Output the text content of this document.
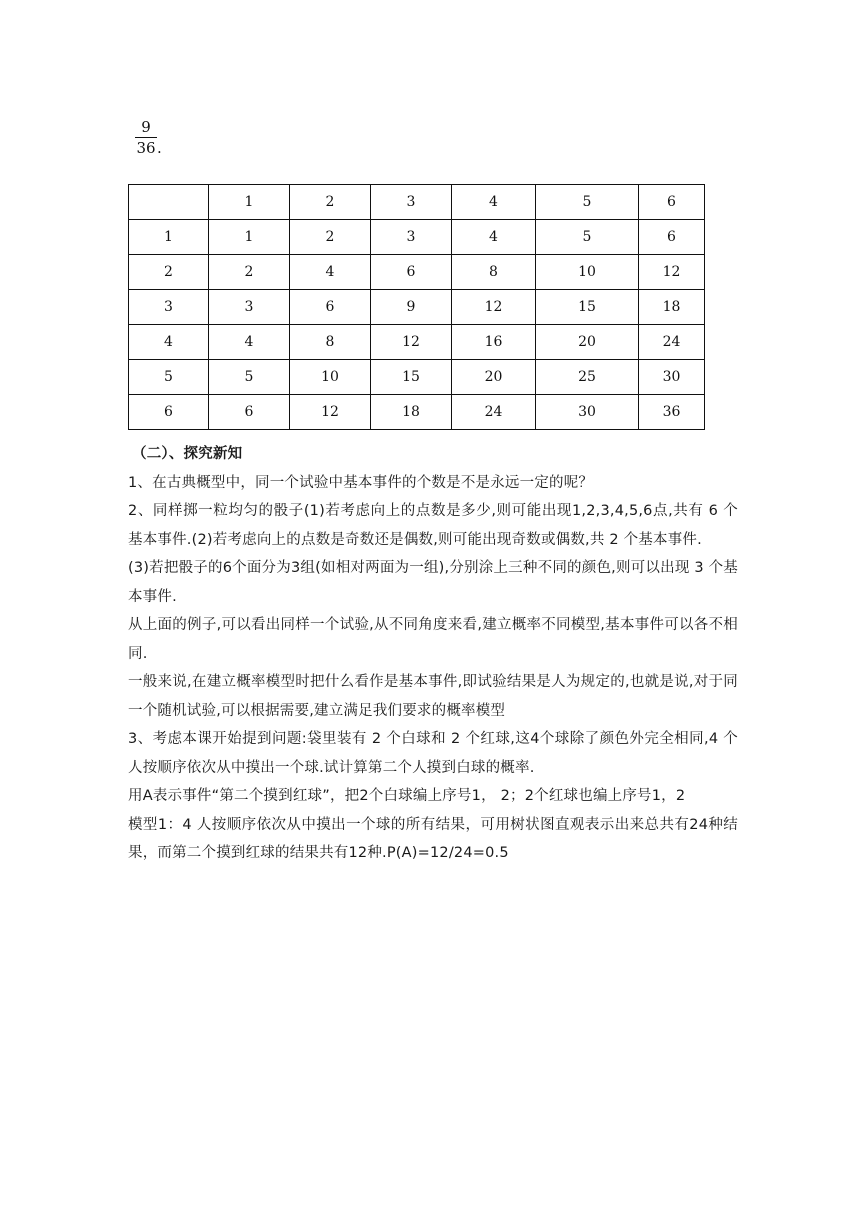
9
36 .
	1	2	3	4	5	6
1	1	2	3	4	5	6
2	2	4	6	8	10	12
3	3	6	9	12	15	18
4	4	8	12	16	20	24
5	5	10	15	20	25	30
6	6	12	18	24	30	36

（二）、探究新知

1、在古典概型中，同一个试验中基本事件的个数是不是永远一定的呢？

2、同样掷一粒均匀的骰子(1)若考虑向上的点数是多少,则可能出现1,2,3,4,5,6点,共有 6 个基本事件.(2)若考虑向上的点数是奇数还是偶数,则可能出现奇数或偶数,共 2 个基本事件.

(3)若把骰子的6个面分为3组(如相对两面为一组),分别涂上三种不同的颜色,则可以出现 3 个基本事件.

从上面的例子,可以看出同样一个试验,从不同角度来看,建立概率不同模型,基本事件可以各不相同.

一般来说,在建立概率模型时把什么看作是基本事件,即试验结果是人为规定的,也就是说,对于同一个随机试验,可以根据需要,建立满足我们要求的概率模型

3、考虑本课开始提到问题:袋里装有 2 个白球和 2 个红球,这4个球除了颜色外完全相同,4 个人按顺序依次从中摸出一个球.试计算第二个人摸到白球的概率.

用A表示事件“第二个摸到红球”，把2个白球编上序号1， 2；2个红球也编上序号1，2

模型1：4 人按顺序依次从中摸出一个球的所有结果，可用树状图直观表示出来总共有24种结果，而第二个摸到红球的结果共有12种.P(A)=12/24=0.5
